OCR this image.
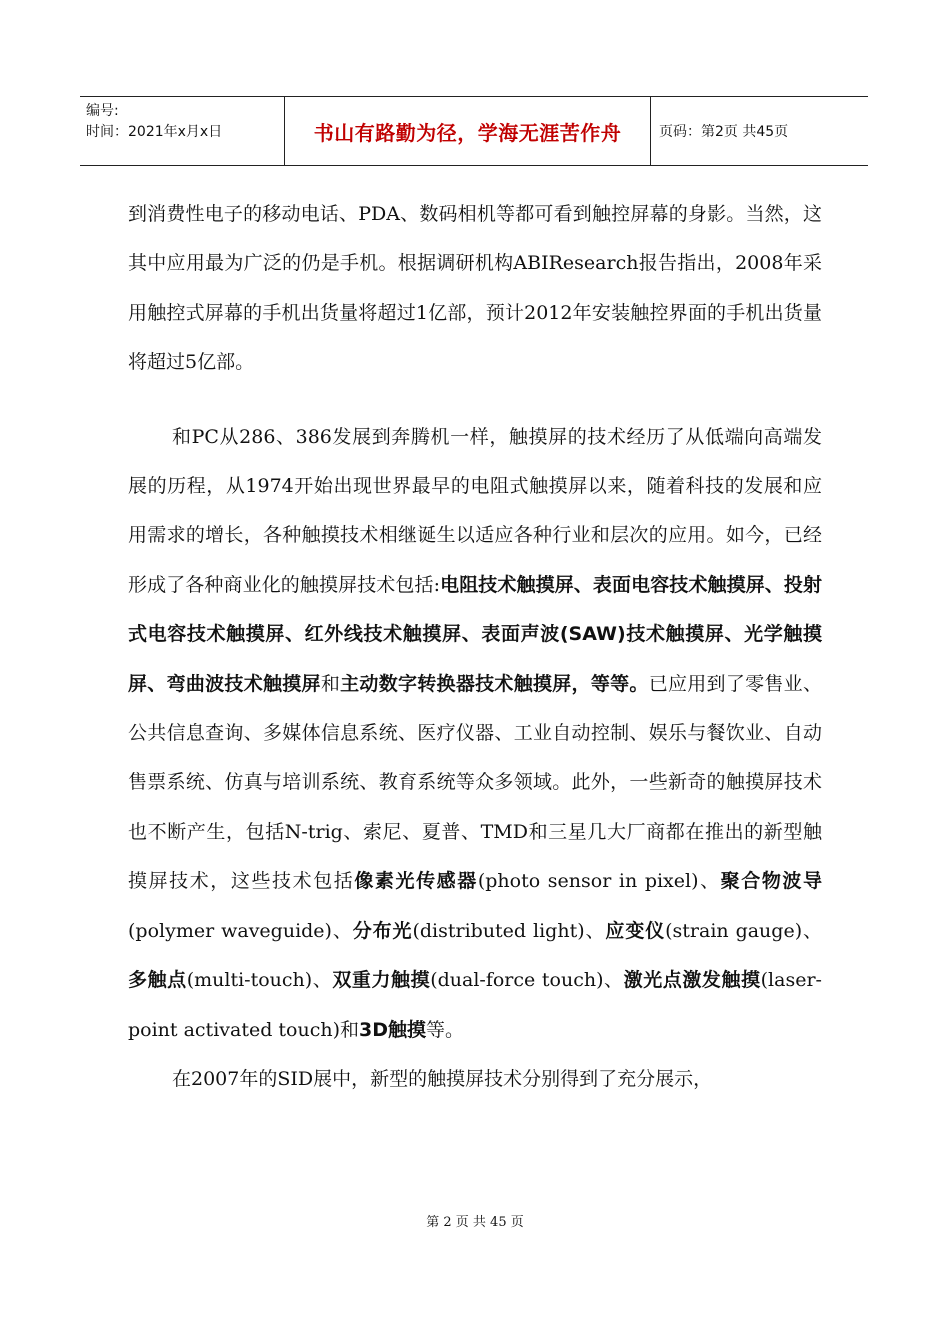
编号:
时间：2021年x月x日	书山有路勤为径，学海无涯苦作舟	页码：第2页 共45页

到消费性电子的移动电话、PDA、数码相机等都可看到触控屏幕的身影。当然，这其中应用最为广泛的仍是手机。根据调研机构ABIResearch报告指出，2008年采用触控式屏幕的手机出货量将超过1亿部，预计2012年安装触控界面的手机出货量将超过5亿部。

和PC从286、386发展到奔腾机一样，触摸屏的技术经历了从低端向高端发展的历程，从1974开始出现世界最早的电阻式触摸屏以来，随着科技的发展和应用需求的增长，各种触摸技术相继诞生以适应各种行业和层次的应用。如今，已经形成了各种商业化的触摸屏技术包括:电阻技术触摸屏、表面电容技术触摸屏、投射式电容技术触摸屏、红外线技术触摸屏、表面声波(SAW)技术触摸屏、光学触摸屏、弯曲波技术触摸屏和主动数字转换器技术触摸屏，等等。已应用到了零售业、公共信息查询、多媒体信息系统、医疗仪器、工业自动控制、娱乐与餐饮业、自动售票系统、仿真与培训系统、教育系统等众多领域。此外，一些新奇的触摸屏技术也不断产生，包括N-trig、索尼、夏普、TMD和三星几大厂商都在推出的新型触摸屏技术，这些技术包括像素光传感器(photo sensor in pixel)、聚合物波导(polymer waveguide)、分布光(distributed light)、应变仪(strain gauge)、多触点(multi-touch)、双重力触摸(dual-force touch)、激光点激发触摸(laser-point activated touch)和3D触摸等。

在2007年的SID展中，新型的触摸屏技术分别得到了充分展示，

第 2 页 共 45 页
